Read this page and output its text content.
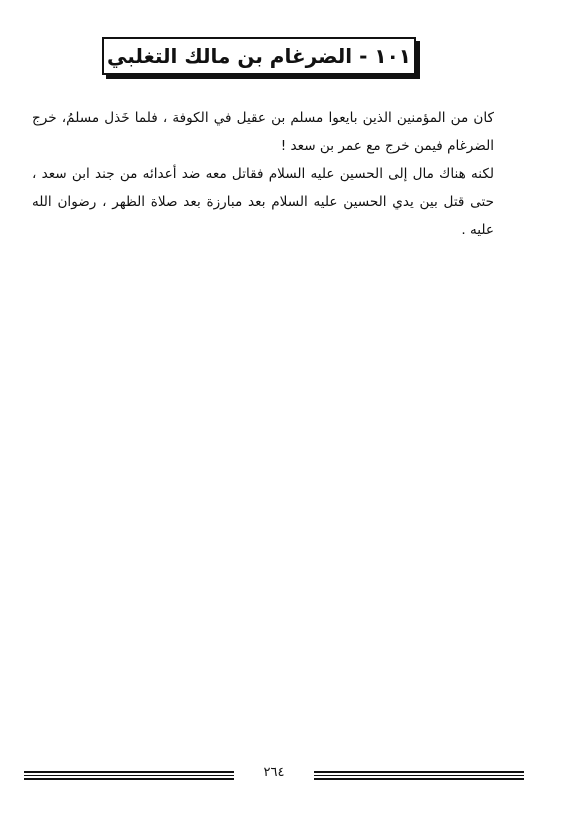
١٠١ - الضرغام بن مالك التغلبي

كان من المؤمنين الذين بايعوا مسلم بن عقيل في الكوفة ، فلما خَذل مسلمُ، خرج الضرغام فيمن خرج مع عمر بن سعد !

لكنه هناك مال إلى الحسين عليه السلام فقاتل معه ضد أعدائه من جند ابن سعد ، حتى قتل بين يدي الحسين عليه السلام بعد مبارزة بعد صلاة الظهر ، رضوان الله عليه .

٢٦٤
